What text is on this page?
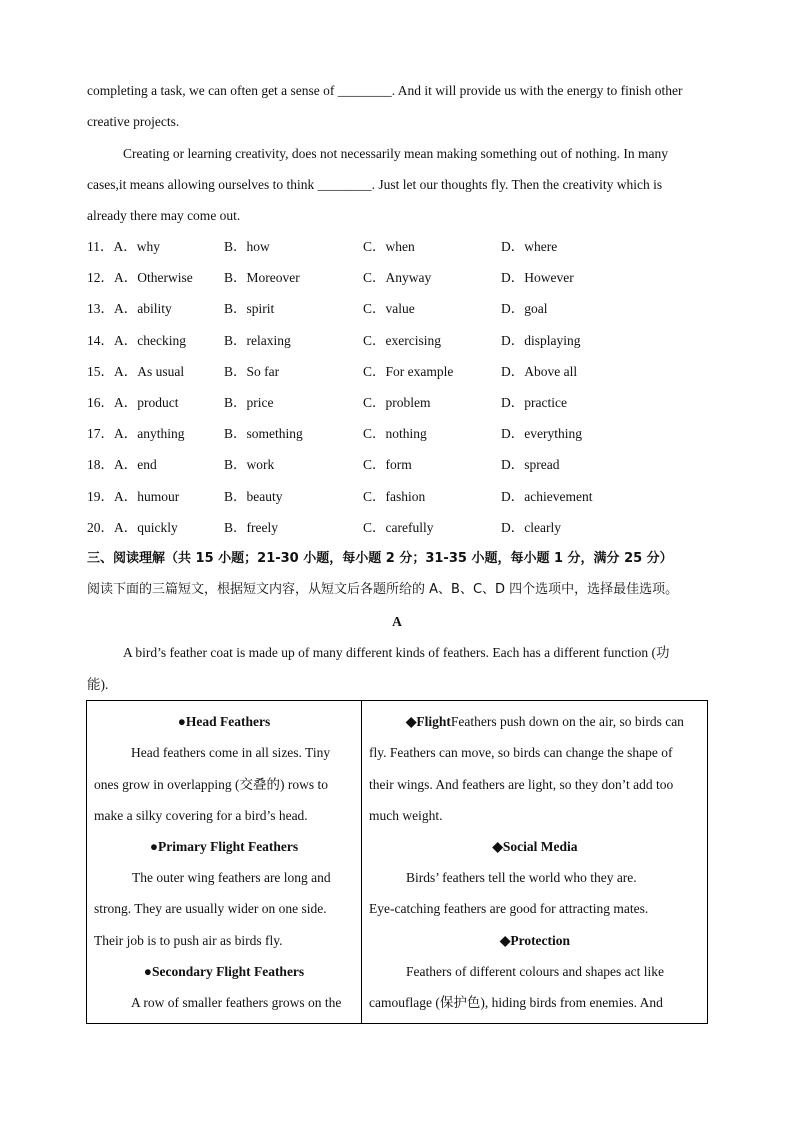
completing a task, we can often get a sense of ________. And it will provide us with the energy to finish other
creative projects.
Creating or learning creativity, does not necessarily mean making something out of nothing. In many
cases,it means allowing ourselves to think ________. Just let our thoughts fly. Then the creativity which is
already there may come out.
11．A．why	B．how	C．when	D．where
12．A．Otherwise B．Moreover	C．Anyway	D．However
13．A．ability	B．spirit	C．value	D．goal
14．A．checking	B．relaxing	C．exercising	D．displaying
15．A．As usual	B．So far	C．For example	D．Above all
16．A．product	B．price	C．problem	D．practice
17．A．anything	B．something	C．nothing	D．everything
18．A．end	B．work	C．form	D．spread
19．A．humour	B．beauty	C．fashion	D．achievement
20．A．quickly	B．freely	C．carefully	D．clearly
三、阅读理解（共 15 小题；21-30 小题，每小题 2 分；31-35 小题，每小题 1 分，满分 25 分）
阅读下面的三篇短文，根据短文内容，从短文后各题所给的 A、B、C、D 四个选项中，选择最佳选项。
A
A bird’s feather coat is made up of many different kinds of feathers. Each has a different function (功
能).
●Head Feathers
Head feathers come in all sizes. Tiny
ones grow in overlapping (交叠的) rows to
make a silky covering for a bird’s head.
●Primary Flight Feathers
The outer wing feathers are long and
strong. They are usually wider on one side.
Their job is to push air as birds fly.
●Secondary Flight Feathers
A row of smaller feathers grows on the

◆FlightFeathers push down on the air, so birds can
fly. Feathers can move, so birds can change the shape of
their wings. And feathers are light, so they don’t add too
much weight.
◆Social Media
Birds’ feathers tell the world who they are.
Eye-catching feathers are good for attracting mates.
◆Protection
Feathers of different colours and shapes act like
camouflage (保护色), hiding birds from enemies. And
